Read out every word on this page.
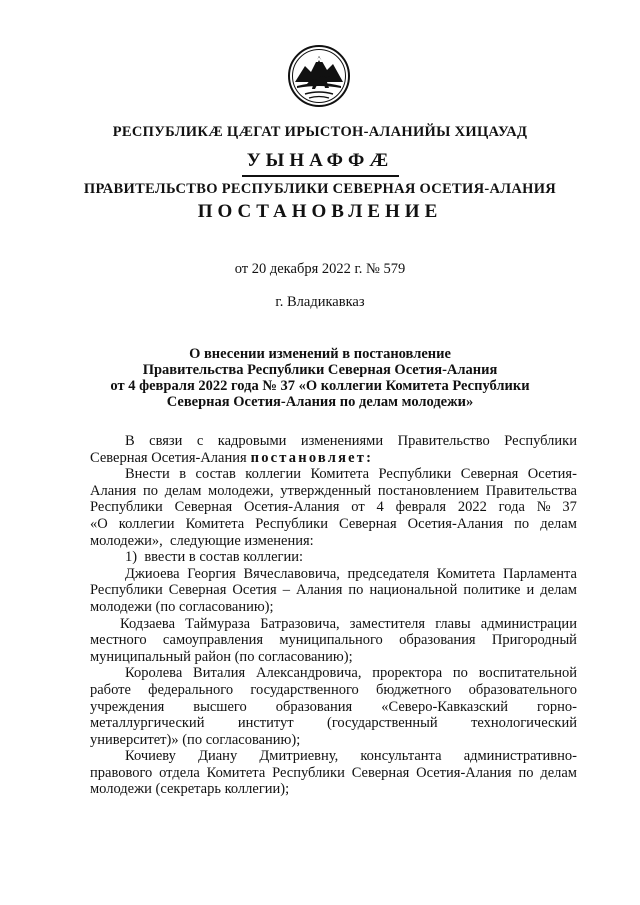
РЕСПУБЛИКӔ ЦӔГАТ ИРЫСТОН-АЛАНИЙЫ ХИЦАУАД
УЫНАФФӔ
ПРАВИТЕЛЬСТВО РЕСПУБЛИКИ СЕВЕРНАЯ ОСЕТИЯ-АЛАНИЯ
ПОСТАНОВЛЕНИЕ
от 20 декабря 2022 г. № 579
г. Владикавказ
О внесении изменений в постановление
Правительства Республики Северная Осетия-Алания
от 4 февраля 2022 года № 37 «О коллегии Комитета Республики
Северная Осетия-Алания по делам молодежи»
В связи с кадровыми изменениями Правительство Республики
Северная Осетия-Алания постановляет:
Внести в состав коллегии Комитета Республики Северная Осетия-
Алания по делам молодежи, утвержденный постановлением Правительства
Республики Северная Осетия-Алания от 4 февраля 2022 года № 37
«О коллегии Комитета Республики Северная Осетия-Алания по делам
молодежи»,  следующие изменения:
1)  ввести в состав коллегии:
Джиоева Георгия Вячеславовича, председателя Комитета Парламента
Республики Северная Осетия – Алания по национальной политике и делам
молодежи (по согласованию);
Кодзаева Таймураза Батразовича, заместителя главы администрации
местного самоуправления муниципального образования Пригородный
муниципальный район (по согласованию);
Королева Виталия Александровича, проректора по воспитательной
работе федерального государственного бюджетного образовательного
учреждения высшего образования «Северо-Кавказский горно-
металлургический институт (государственный технологический
университет)» (по согласованию);
Кочиеву Диану Дмитриевну, консультанта административно-
правового отдела Комитета Республики Северная Осетия-Алания по делам
молодежи (секретарь коллегии);
